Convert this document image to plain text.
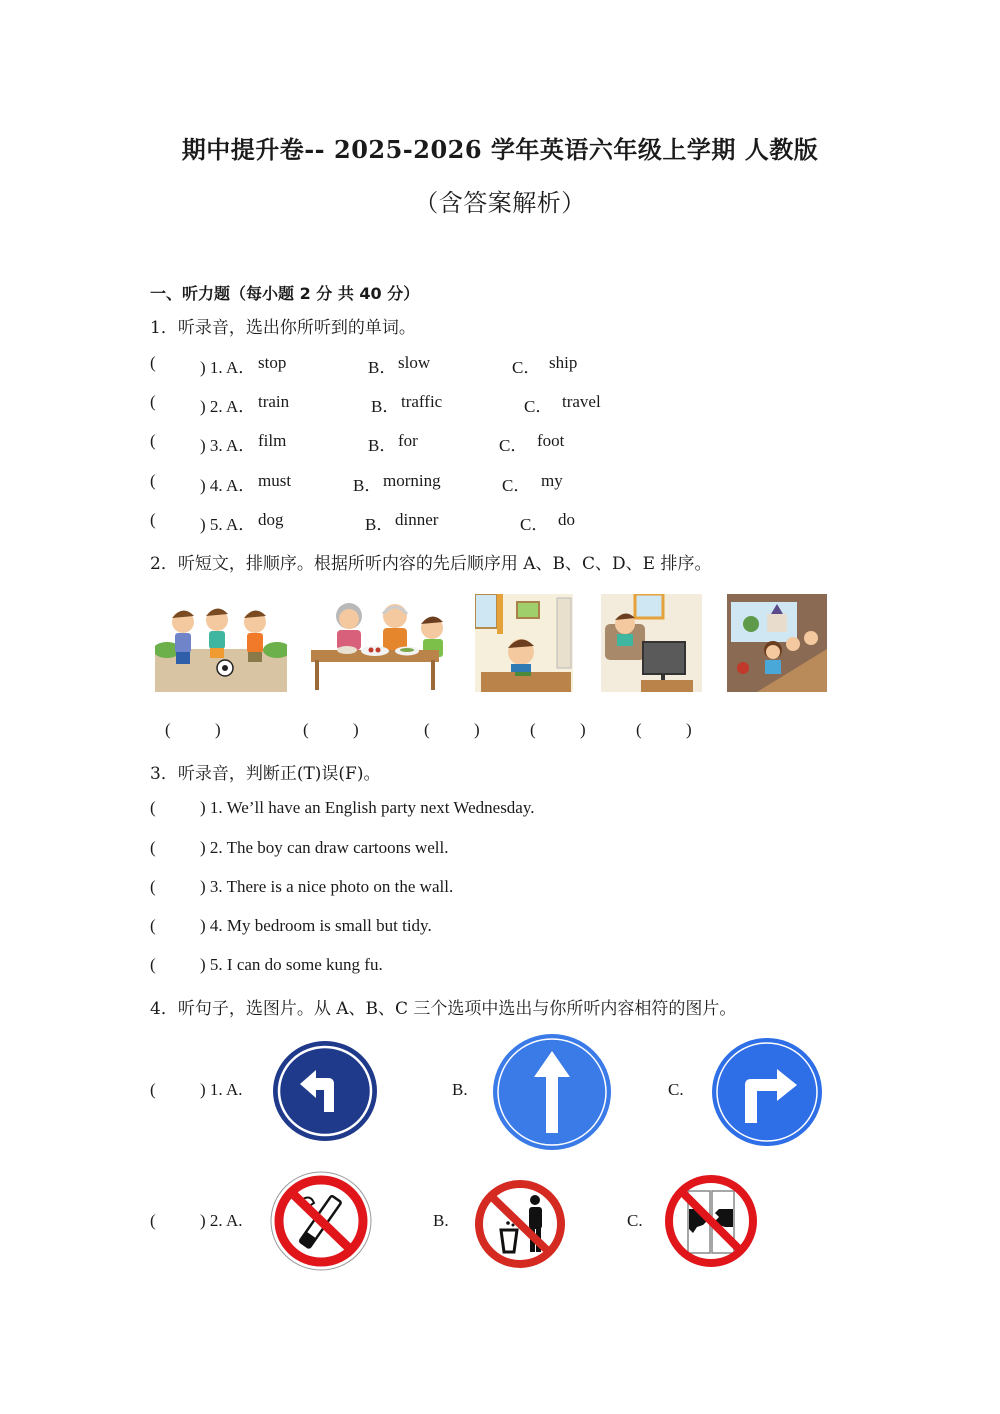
期中提升卷-- 2025-2026 学年英语六年级上学期 人教版
（含答案解析）
一、听力题（每小题 2 分 共 40 分）
1．听录音，选出你所听到的单词。
(	) 1. A． stop	B． slow	C． ship
(	) 2. A． train	B． traffic	C． travel
(	) 3. A． film	B． for	C． foot
(	) 4. A． must	B． morning	C． my
(	) 5. A． dog	B． dinner	C． do
2．听短文，排顺序。根据所听内容的先后顺序用 A、B、C、D、E 排序。
(	)	(	)	(	)	(	)	(	)
3．听录音，判断正(T)误(F)。
(	) 1. We’ll have an English party next Wednesday.
(	) 2. The boy can draw cartoons well.
(	) 3. There is a nice photo on the wall.
(	) 4. My bedroom is small but tidy.
(	) 5. I can do some kung fu.
4．听句子，选图片。从 A、B、C 三个选项中选出与你所听内容相符的图片。
(	) 1. A.	B.	C.
(	) 2. A.	B.	C.
